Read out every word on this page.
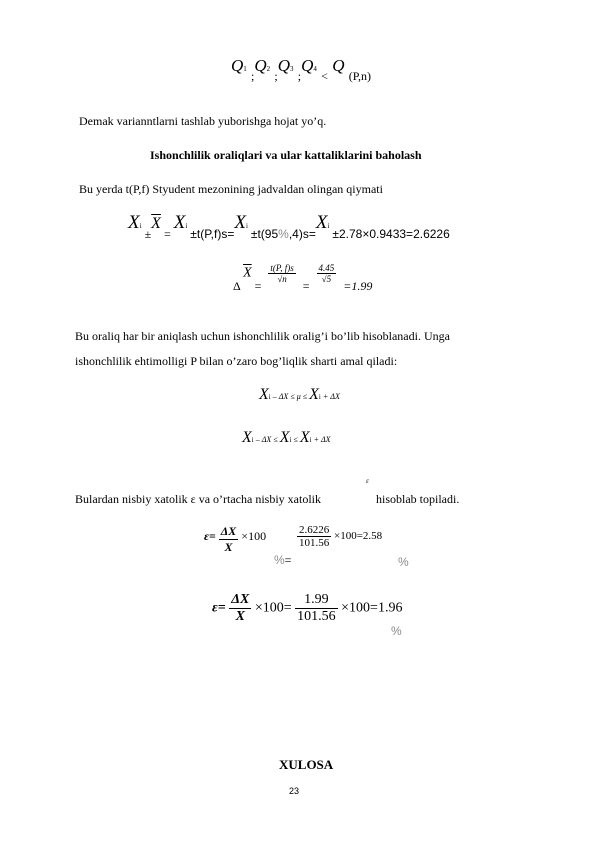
Q1 $_;$Q2 $_;$Q3 $_;$Q4 $_<$ Q $_{(P,n)}$
Demak varianntlarni tashlab yuborishga hojat yo’q.
Ishonchlilik oraliqlari va ular kattaliklarini baholash
Bu yerda t(P,f) Styudent mezonining jadvaldan olingan qiymati
$Xi \pm\overline{X} = Xi \pm t(P,f)s=Xi \pm t(95\%,4)s=Xi \pm 2.78\times 0.9433=2.6226$
Δ $\overline{X}$ =
$\frac{t(P, f)s}{√n}$
=
$\frac{4.45}{√5}$
=1.99
Bu oraliq har bir aniqlash uchun ishonchlilik oralig’i bo’lib hisoblanadi. Unga
ishonchlilik ehtimolligi P bilan o’zaro bog’liqlik sharti amal qiladi:
Xi – ΔX ≤ μ ≤ Xi + ΔX
Xi – ΔX ≤ Xi ≤ Xi + ΔX
ε
Bulardan nisbiy xatolik ε va o’rtacha nisbiy xatolik	hisoblab topiladi.
$\varepsilon= \frac{\Delta X}{X} \times 100$
%=
$\frac{2.6226}{101.56} \times 100=2.58$
%
$\varepsilon= \frac{\Delta X}{X} \times 100= \frac{1.99}{101.56} \times 100=1.96$
%
XULOSA
23
